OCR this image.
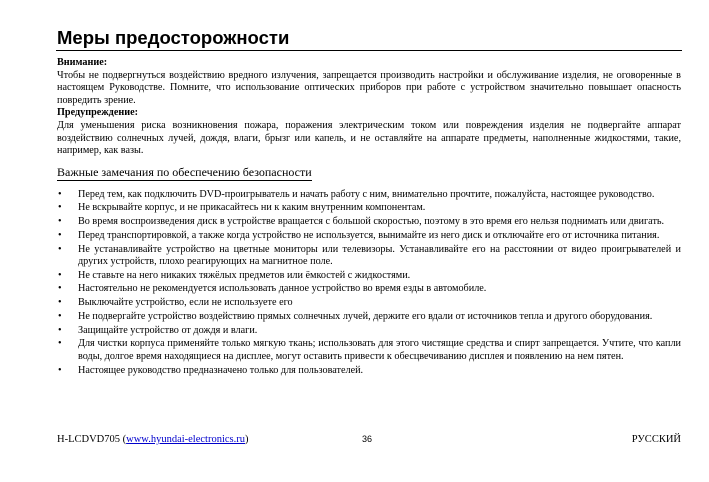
Меры предосторожности
Внимание:
Чтобы не подвергнуться воздействию вредного излучения, запрещается производить настройки и обслуживание изделия, не оговоренные в настоящем Руководстве. Помните, что использование оптических приборов при работе с устройством значительно повышает опасность повредить зрение.
Предупреждение:
Для уменьшения риска возникновения пожара, поражения электрическим током или повреждения изделия не подвергайте аппарат воздействию солнечных лучей, дождя, влаги, брызг или капель, и не оставляйте на аппарате предметы, наполненные жидкостями, такие, например, как вазы.
Важные замечания по обеспечению безопасности
• Перед тем, как подключить DVD-проигрыватель и начать работу с ним, внимательно прочтите, пожалуйста, настоящее руководство.
• Не вскрывайте корпус, и не прикасайтесь ни к каким внутренним компонентам.
• Во время воспроизведения диск в устройстве вращается с большой скоростью, поэтому в это время его нельзя поднимать или двигать.
• Перед транспортировкой, а также когда устройство не используется, вынимайте из него диск и отключайте его от источника питания.
• Не устанавливайте устройство на цветные мониторы или телевизоры. Устанавливайте его на расстоянии от видео проигрывателей и других устройств, плохо реагирующих на магнитное поле.
• Не ставьте на него никаких тяжёлых предметов или ёмкостей с жидкостями.
• Настоятельно не рекомендуется использовать данное устройство во время езды в автомобиле.
• Выключайте устройство, если не используете его
• Не подвергайте устройство воздействию прямых солнечных лучей, держите его вдали от источников тепла и другого оборудования.
• Защищайте устройство от дождя и влаги.
• Для чистки корпуса применяйте только мягкую ткань; использовать для этого чистящие средства и спирт запрещается. Учтите, что капли воды, долгое время находящиеся на дисплее, могут оставить привести к обесцвечиванию дисплея и появлению на нем пятен.
• Настоящее руководство предназначено только для пользователей.
H-LCDVD705 (www.hyundai-electronics.ru)	36	РУССКИЙ
